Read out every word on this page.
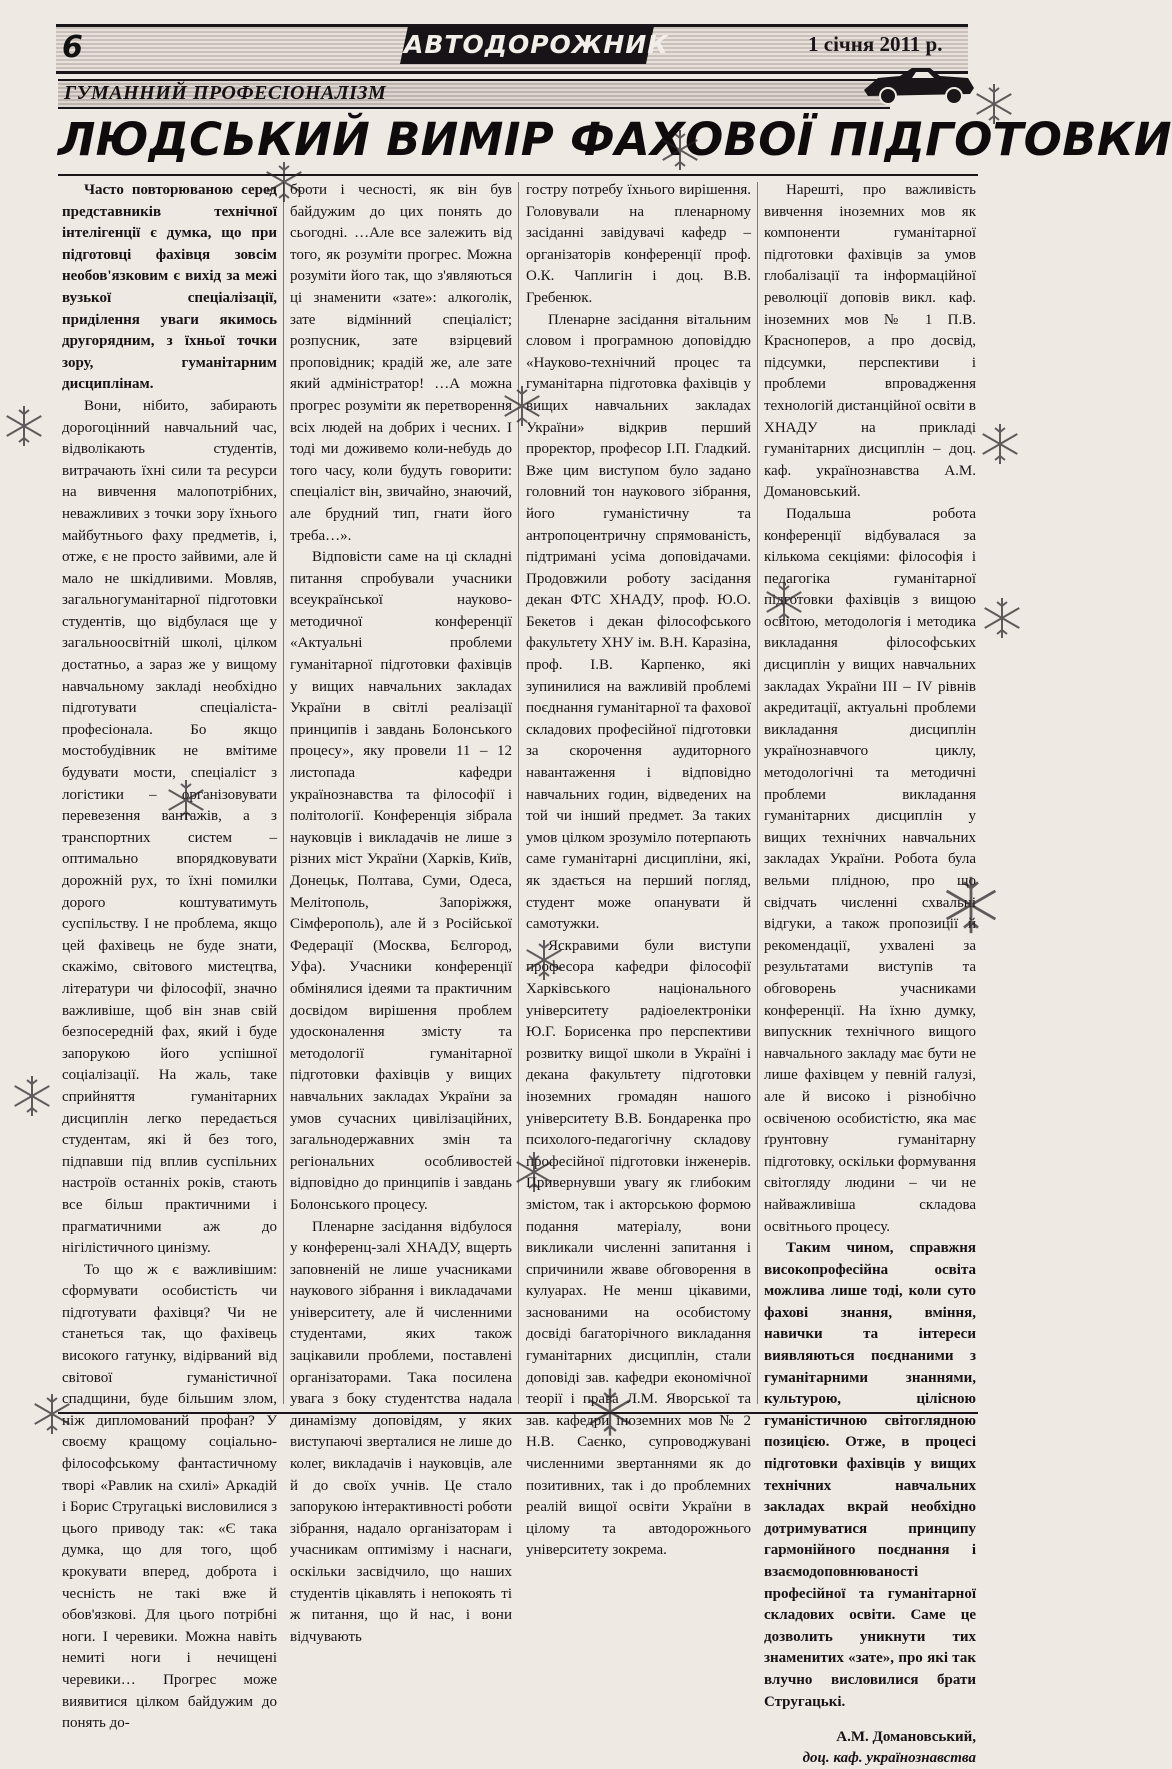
6	АВТОДОРОЖНИК	1 січня 2011 р.
ГУМАННИЙ ПРОФЕСІОНАЛІЗМ
ЛЮДСЬКИЙ ВИМІР ФАХОВОЇ ПІДГОТОВКИ

Часто повторюваною серед представників технічної інтелігенції є думка, що при підготовці фахівця зовсім необов'язковим є вихід за межі вузької спеціалізації, приділення уваги якимось другорядним, з їхньої точки зору, гуманітарним дисциплінам.

Вони, нібито, забирають дорогоцінний навчальний час, відволікають студентів, витрачають їхні сили та ресурси на вивчення малопотрібних, неважливих з точки зору їхнього майбутнього фаху предметів, і, отже, є не просто зайвими, але й мало не шкідливими. Мовляв, загальногуманітарної підготовки студентів, що відбулася ще у загальноосвітній школі, цілком достатньо, а зараз же у вищому навчальному закладі необхідно підготувати спеціаліста-професіонала. Бо якщо мостобудівник не вмітиме будувати мости, спеціаліст з логістики – організовувати перевезення вантажів, а з транспортних систем – оптимально впорядковувати дорожній рух, то їхні помилки дорого коштуватимуть суспільству. І не проблема, якщо цей фахівець не буде знати, скажімо, світового мистецтва, літератури чи філософії, значно важливіше, щоб він знав свій безпосередній фах, який і буде запорукою його успішної соціалізації. На жаль, таке сприйняття гуманітарних дисциплін легко передається студентам, які й без того, підпавши під вплив суспільних настроїв останніх років, стають все більш практичними і прагматичними аж до нігілістичного цинізму.

То що ж є важливішим: сформувати особистість чи підготувати фахівця? Чи не станеться так, що фахівець високого гатунку, відірваний від світової гуманістичної спадщини, буде більшим злом, ніж дипломований профан? У своєму кращому соціально-філософському фантастичному творі «Равлик на схилі» Аркадій і Борис Стругацькі висловилися з цього приводу так: «Є така думка, що для того, щоб крокувати вперед, доброта і чесність не такі вже й обов'язкові. Для цього потрібні ноги. І черевики. Можна навіть немиті ноги і нечищені черевики… Прогрес може виявитися цілком байдужим до понять до-

броти і чесності, як він був байдужим до цих понять до сьогодні. …Але все залежить від того, як розуміти прогрес. Можна розуміти його так, що з'являються ці знаменити «зате»: алкоголік, зате відмінний спеціаліст; розпусник, зате взірцевий проповідник; крадій же, але зате який адміністратор! …А можна прогрес розуміти як перетворення всіх людей на добрих і чесних. І тоді ми доживемо коли-небудь до того часу, коли будуть говорити: спеціаліст він, звичайно, знаючий, але брудний тип, гнати його треба…».

Відповісти саме на ці складні питання спробували учасники всеукраїнської науково-методичної конференції «Актуальні проблеми гуманітарної підготовки фахівців у вищих навчальних закладах України в світлі реалізації принципів і завдань Болонського процесу», яку провели 11 – 12 листопада кафедри українознавства та філософії і політології. Конференція зібрала науковців і викладачів не лише з різних міст України (Харків, Київ, Донецьк, Полтава, Суми, Одеса, Мелітополь, Запоріжжя, Сімферополь), але й з Російської Федерації (Москва, Бєлгород, Уфа). Учасники конференції обмінялися ідеями та практичним досвідом вирішення проблем удосконалення змісту та методології гуманітарної підготовки фахівців у вищих навчальних закладах України за умов сучасних цивілізаційних, загальнодержавних змін та регіональних особливостей відповідно до принципів і завдань Болонського процесу.

Пленарне засідання відбулося у конференц-залі ХНАДУ, вщерть заповненій не лише учасниками наукового зібрання і викладачами університету, але й численними студентами, яких також зацікавили проблеми, поставлені організаторами. Така посилена увага з боку студентства надала динамізму доповідям, у яких виступаючі зверталися не лише до колег, викладачів і науковців, але й до своїх учнів. Це стало запорукою інтерактивності роботи зібрання, надало організаторам і учасникам оптимізму і наснаги, оскільки засвідчило, що наших студентів цікавлять і непокоять ті ж питання, що й нас, і вони відчувають

гостру потребу їхнього вирішення. Головували на пленарному засіданні завідувачі кафедр – організаторів конференції проф. О.К. Чаплигін і доц. В.В. Гребенюк.

Пленарне засідання вітальним словом і програмною доповіддю «Науково-технічний процес та гуманітарна підготовка фахівців у вищих навчальних закладах України» відкрив перший проректор, професор І.П. Гладкий. Вже цим виступом було задано головний тон наукового зібрання, його гуманістичну та антропоцентричну спрямованість, підтримані усіма доповідачами. Продовжили роботу засідання декан ФТС ХНАДУ, проф. Ю.О. Бекетов і декан філософського факультету ХНУ ім. В.Н. Каразіна, проф. І.В. Карпенко, які зупинилися на важливій проблемі поєднання гуманітарної та фахової складових професійної підготовки за скорочення аудиторного навантаження і відповідно навчальних годин, відведених на той чи інший предмет. За таких умов цілком зрозуміло потерпають саме гуманітарні дисципліни, які, як здається на перший погляд, студент може опанувати й самотужки.

Яскравими були виступи професора кафедри філософії Харківського національного університету радіоелектроніки Ю.Г. Борисенка про перспективи розвитку вищої школи в Україні і декана факультету підготовки іноземних громадян нашого університету В.В. Бондаренка про психолого-педагогічну складову професійної підготовки інженерів. Привернувши увагу як глибоким змістом, так і акторською формою подання матеріалу, вони викликали численні запитання і спричинили жваве обговорення в кулуарах. Не менш цікавими, заснованими на особистому досвіді багаторічного викладання гуманітарних дисциплін, стали доповіді зав. кафедри економічної теорії і права Л.М. Яворської та зав. кафедри іноземних мов № 2 Н.В. Саєнко, супроводжувані численними звертаннями як до позитивних, так і до проблемних реалій вищої освіти України в цілому та автодорожнього університету зокрема.

Нарешті, про важливість вивчення іноземних мов як компоненти гуманітарної підготовки фахівців за умов глобалізації та інформаційної революції доповів викл. каф. іноземних мов № 1 П.В. Красноперов, а про досвід, підсумки, перспективи і проблеми впровадження технологій дистанційної освіти в ХНАДУ на прикладі гуманітарних дисциплін – доц. каф. українознавства А.М. Домановський.

Подальша робота конференції відбувалася за кількома секціями: філософія і педагогіка гуманітарної підготовки фахівців з вищою освітою, методологія і методика викладання філософських дисциплін у вищих навчальних закладах України ІІІ – IV рівнів акредитації, актуальні проблеми викладання дисциплін українознавчого циклу, методологічні та методичні проблеми викладання гуманітарних дисциплін у вищих технічних навчальних закладах України. Робота була вельми плідною, про що свідчать численні схвальні відгуки, а також пропозиції й рекомендації, ухвалені за результатами виступів та обговорень учасниками конференції. На їхню думку, випускник технічного вищого навчального закладу має бути не лише фахівцем у певній галузі, але й високо і різнобічно освіченою особистістю, яка має ґрунтовну гуманітарну підготовку, оскільки формування світогляду людини – чи не найважливіша складова освітнього процесу.

Таким чином, справжня високопрофесійна освіта можлива лише тоді, коли суто фахові знання, вміння, навички та інтереси виявляються поєднаними з гуманітарними знаннями, культурою, цілісною гуманістичною світоглядною позицією. Отже, в процесі підготовки фахівців у вищих технічних навчальних закладах вкрай необхідно дотримуватися принципу гармонійного поєднання і взаємодоповнюваності професійної та гуманітарної складових освіти. Саме це дозволить уникнути тих знаменитих «зате», про які так влучно висловилися брати Стругацькі.

А.М. Домановський,
доц. каф. українознавства
